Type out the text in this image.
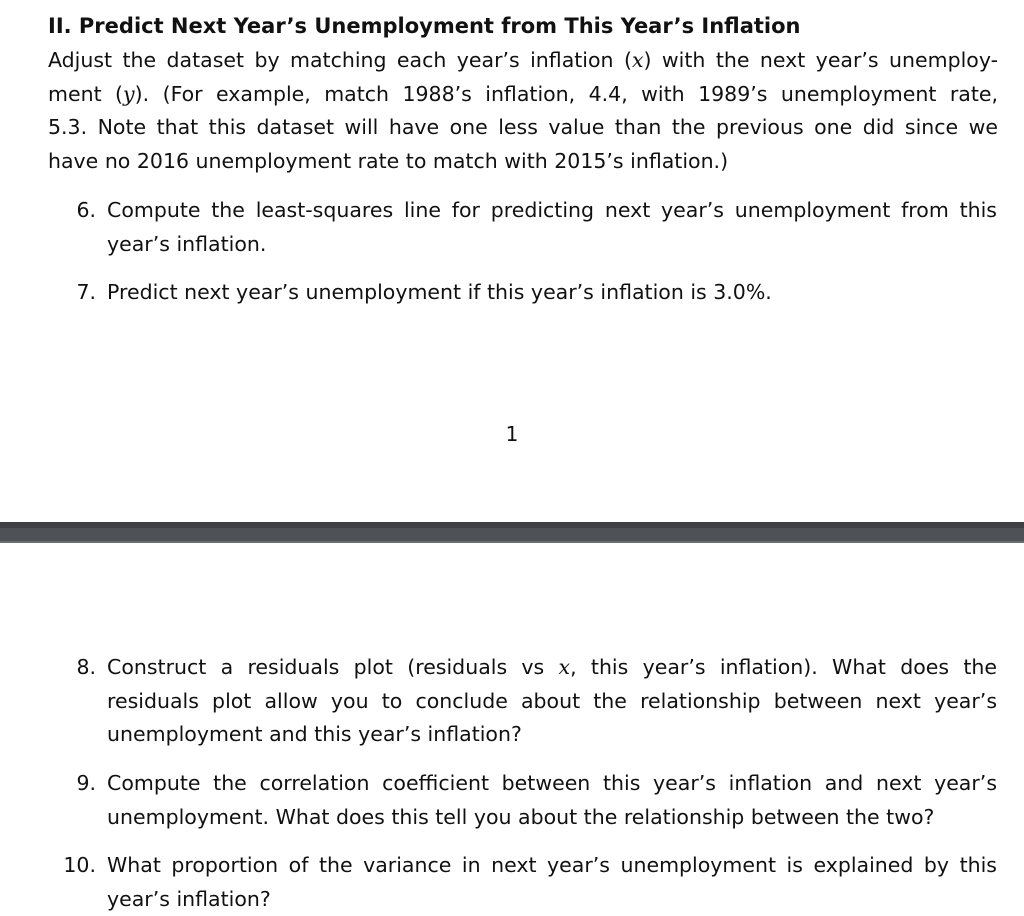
II. Predict Next Year’s Unemployment from This Year’s Inflation
Adjust the dataset by matching each year’s inflation (x) with the next year’s unemploy-
ment (y). (For example, match 1988’s inflation, 4.4, with 1989’s unemployment rate,
5.3. Note that this dataset will have one less value than the previous one did since we
have no 2016 unemployment rate to match with 2015’s inflation.)
6. Compute the least-squares line for predicting next year’s unemployment from this
year’s inflation.
7. Predict next year’s unemployment if this year’s inflation is 3.0%.
1
8. Construct a residuals plot (residuals vs x, this year’s inflation). What does the
residuals plot allow you to conclude about the relationship between next year’s
unemployment and this year’s inflation?
9. Compute the correlation coefficient between this year’s inflation and next year’s
unemployment. What does this tell you about the relationship between the two?
10. What proportion of the variance in next year’s unemployment is explained by this
year’s inflation?
